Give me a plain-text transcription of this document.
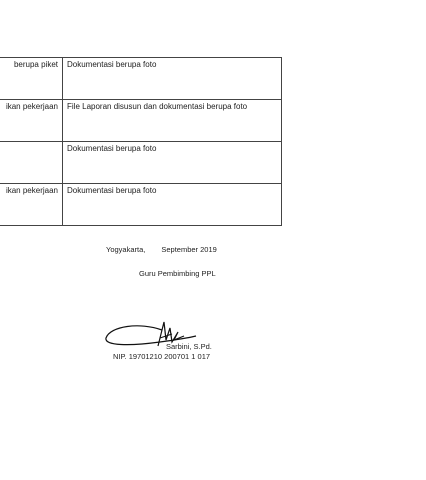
berupa piket	Dokumentasi berupa foto
ikan pekerjaan	File Laporan disusun dan dokumentasi berupa foto
	Dokumentasi berupa foto
ikan pekerjaan	Dokumentasi berupa foto
Yogyakarta, September 2019
Guru Pembimbing PPL
Sarbini, S.Pd.
NIP. 19701210 200701 1 017
